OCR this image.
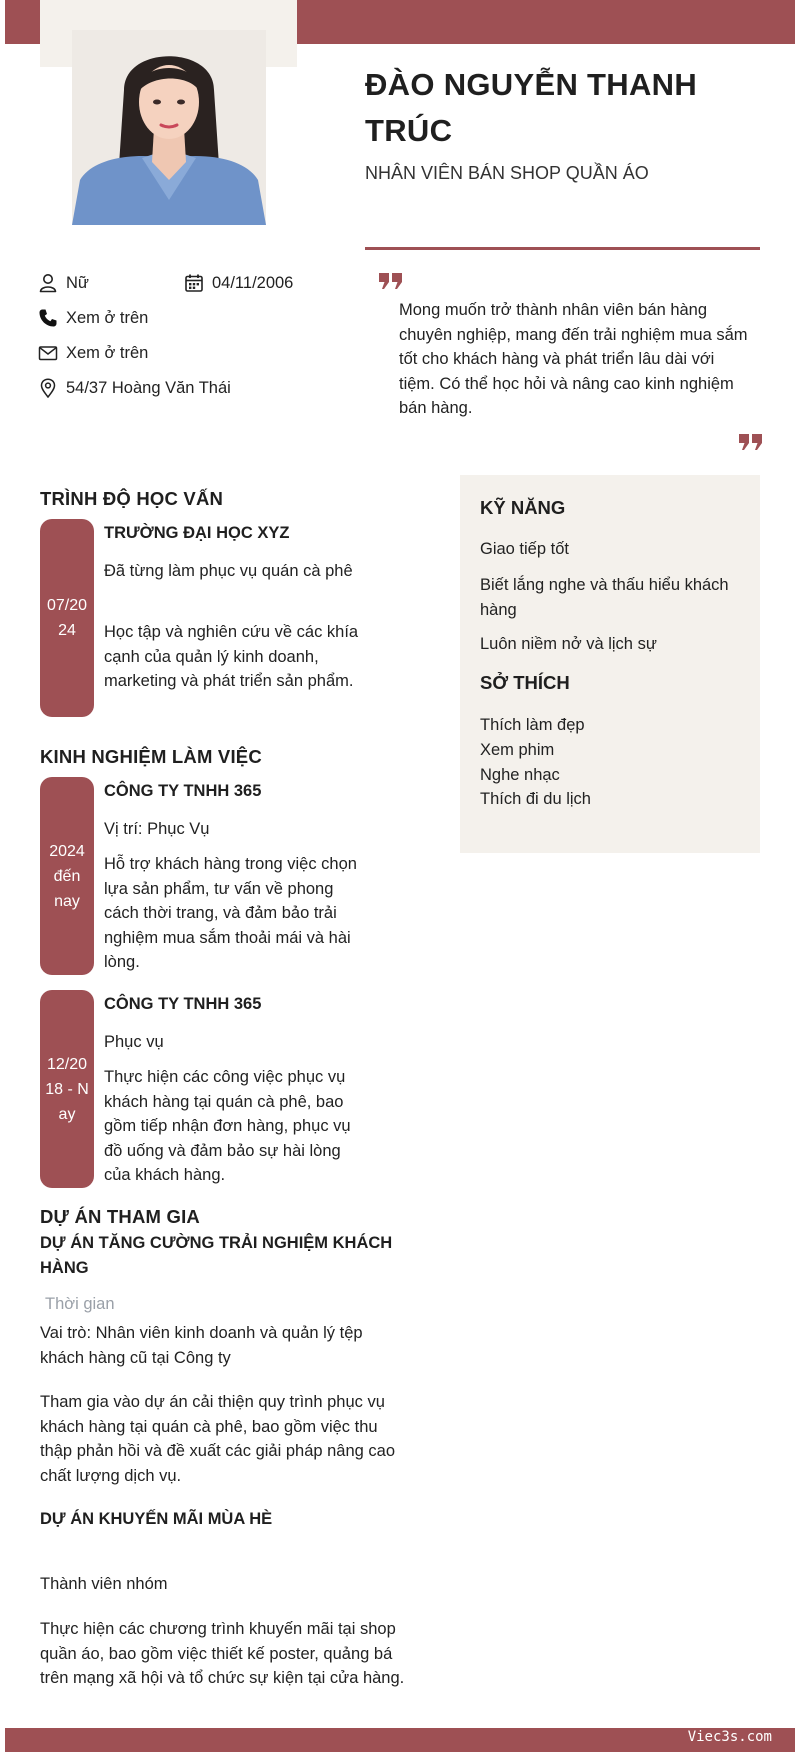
ĐÀO NGUYỄN THANH TRÚC
NHÂN VIÊN BÁN SHOP QUẦN ÁO
Nữ	04/11/2006
Xem ở trên
Xem ở trên
54/37 Hoàng Văn Thái
Mong muốn trở thành nhân viên bán hàng chuyên nghiệp, mang đến trải nghiệm mua sắm tốt cho khách hàng và phát triển lâu dài với tiệm. Có thể học hỏi và nâng cao kinh nghiệm bán hàng.
TRÌNH ĐỘ HỌC VẤN
07/2024
TRƯỜNG ĐẠI HỌC XYZ
Đã từng làm phục vụ quán cà phê
Học tập và nghiên cứu về các khía cạnh của quản lý kinh doanh, marketing và phát triển sản phẩm.
KINH NGHIỆM LÀM VIỆC
2024 đến nay
CÔNG TY TNHH 365
Vị trí: Phục Vụ
Hỗ trợ khách hàng trong việc chọn lựa sản phẩm, tư vấn về phong cách thời trang, và đảm bảo trải nghiệm mua sắm thoải mái và hài lòng.
12/2018 - Nay
CÔNG TY TNHH 365
Phục vụ
Thực hiện các công việc phục vụ khách hàng tại quán cà phê, bao gồm tiếp nhận đơn hàng, phục vụ đồ uống và đảm bảo sự hài lòng của khách hàng.
DỰ ÁN THAM GIA
DỰ ÁN TĂNG CƯỜNG TRẢI NGHIỆM KHÁCH HÀNG
Thời gian
Vai trò: Nhân viên kinh doanh và quản lý tệp khách hàng cũ tại Công ty
Tham gia vào dự án cải thiện quy trình phục vụ khách hàng tại quán cà phê, bao gồm việc thu thập phản hồi và đề xuất các giải pháp nâng cao chất lượng dịch vụ.
DỰ ÁN KHUYẾN MÃI MÙA HÈ
Thành viên nhóm
Thực hiện các chương trình khuyến mãi tại shop quần áo, bao gồm việc thiết kế poster, quảng bá trên mạng xã hội và tổ chức sự kiện tại cửa hàng.
KỸ NĂNG
Giao tiếp tốt
Biết lắng nghe và thấu hiểu khách hàng
Luôn niềm nở và lịch sự
SỞ THÍCH
Thích làm đẹp
Xem phim
Nghe nhạc
Thích đi du lịch
Viec3s.com
